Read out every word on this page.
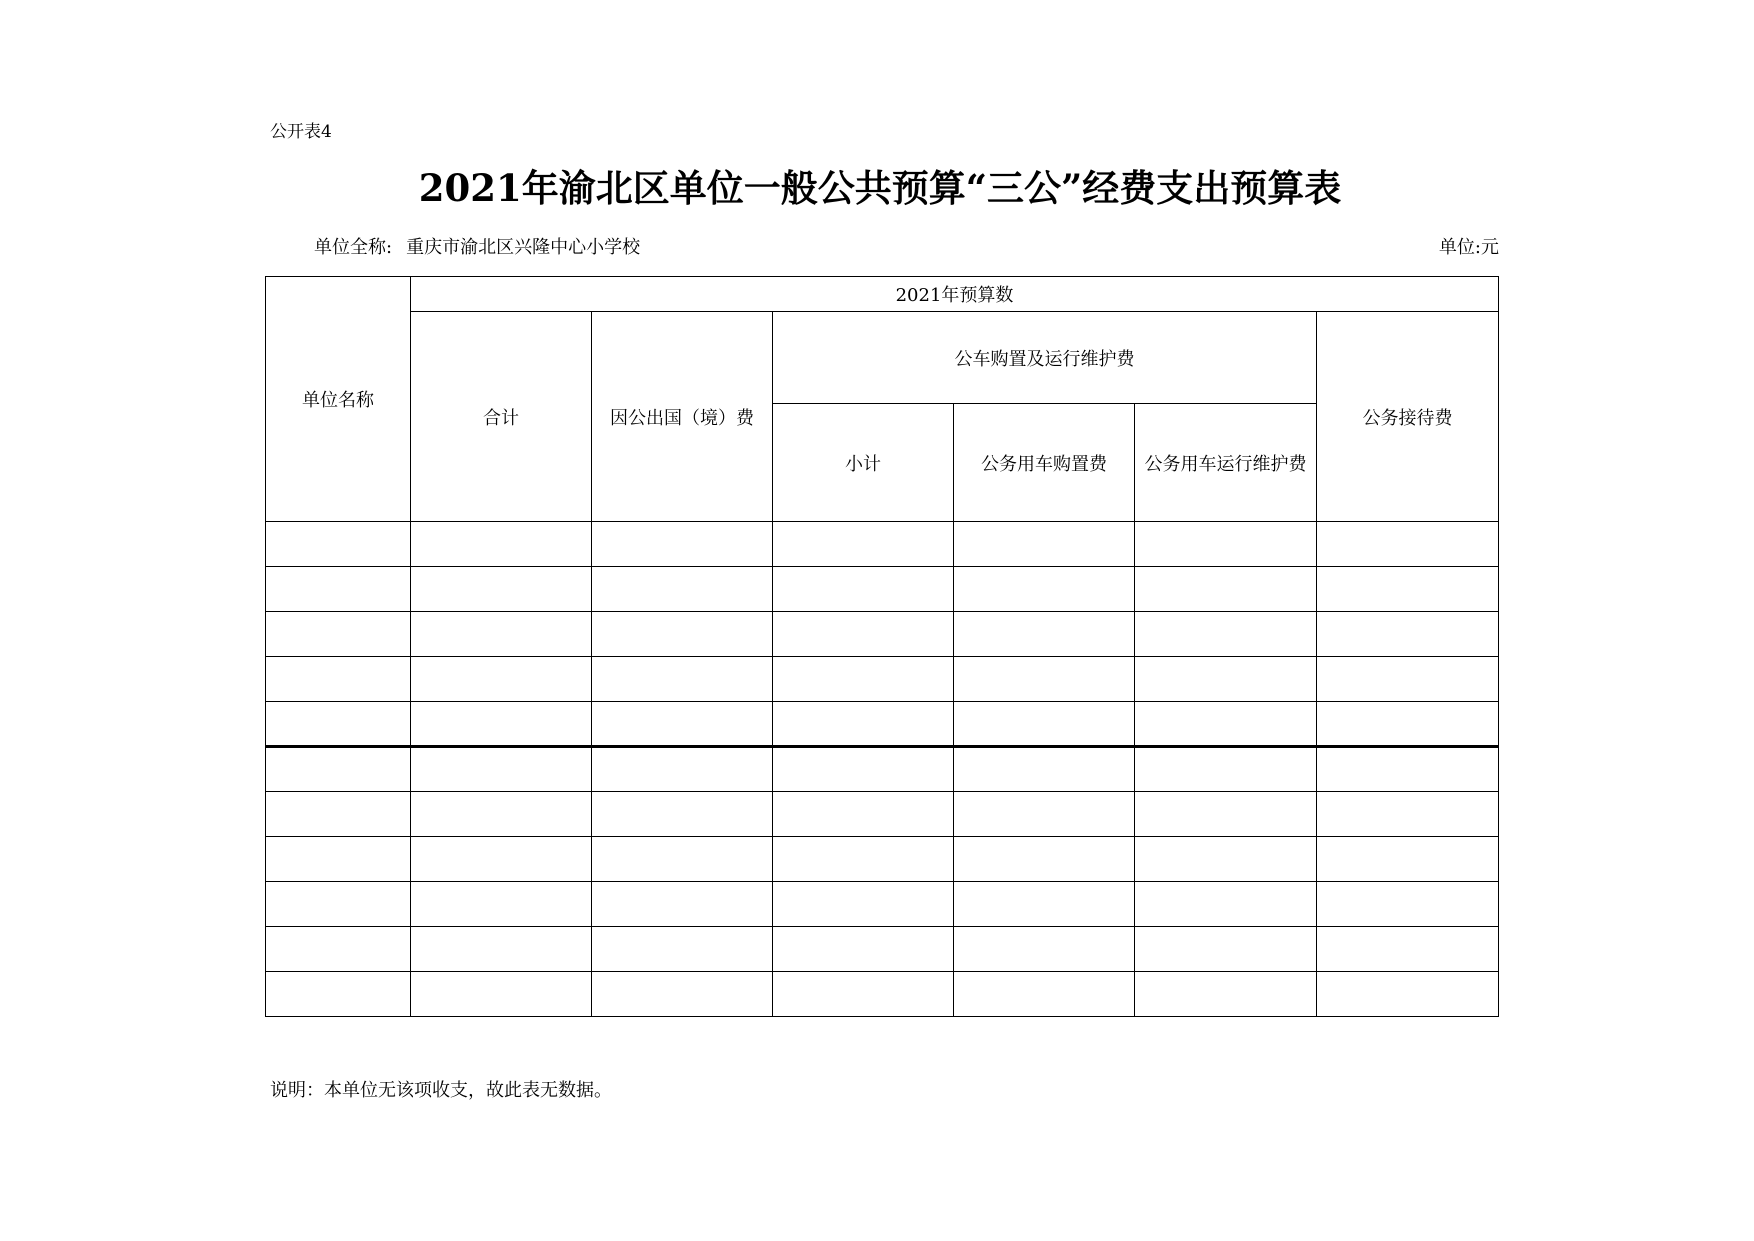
公开表4
2021年渝北区单位一般公共预算“三公”经费支出预算表
单位全称: 重庆市渝北区兴隆中心小学校	单位:元
单位名称	2021年预算数					
	合计	因公出国（境）费	公车购置及运行维护费			公务接待费
			小计	公务用车购置费	公务用车运行维护费	

说明：本单位无该项收支，故此表无数据。
